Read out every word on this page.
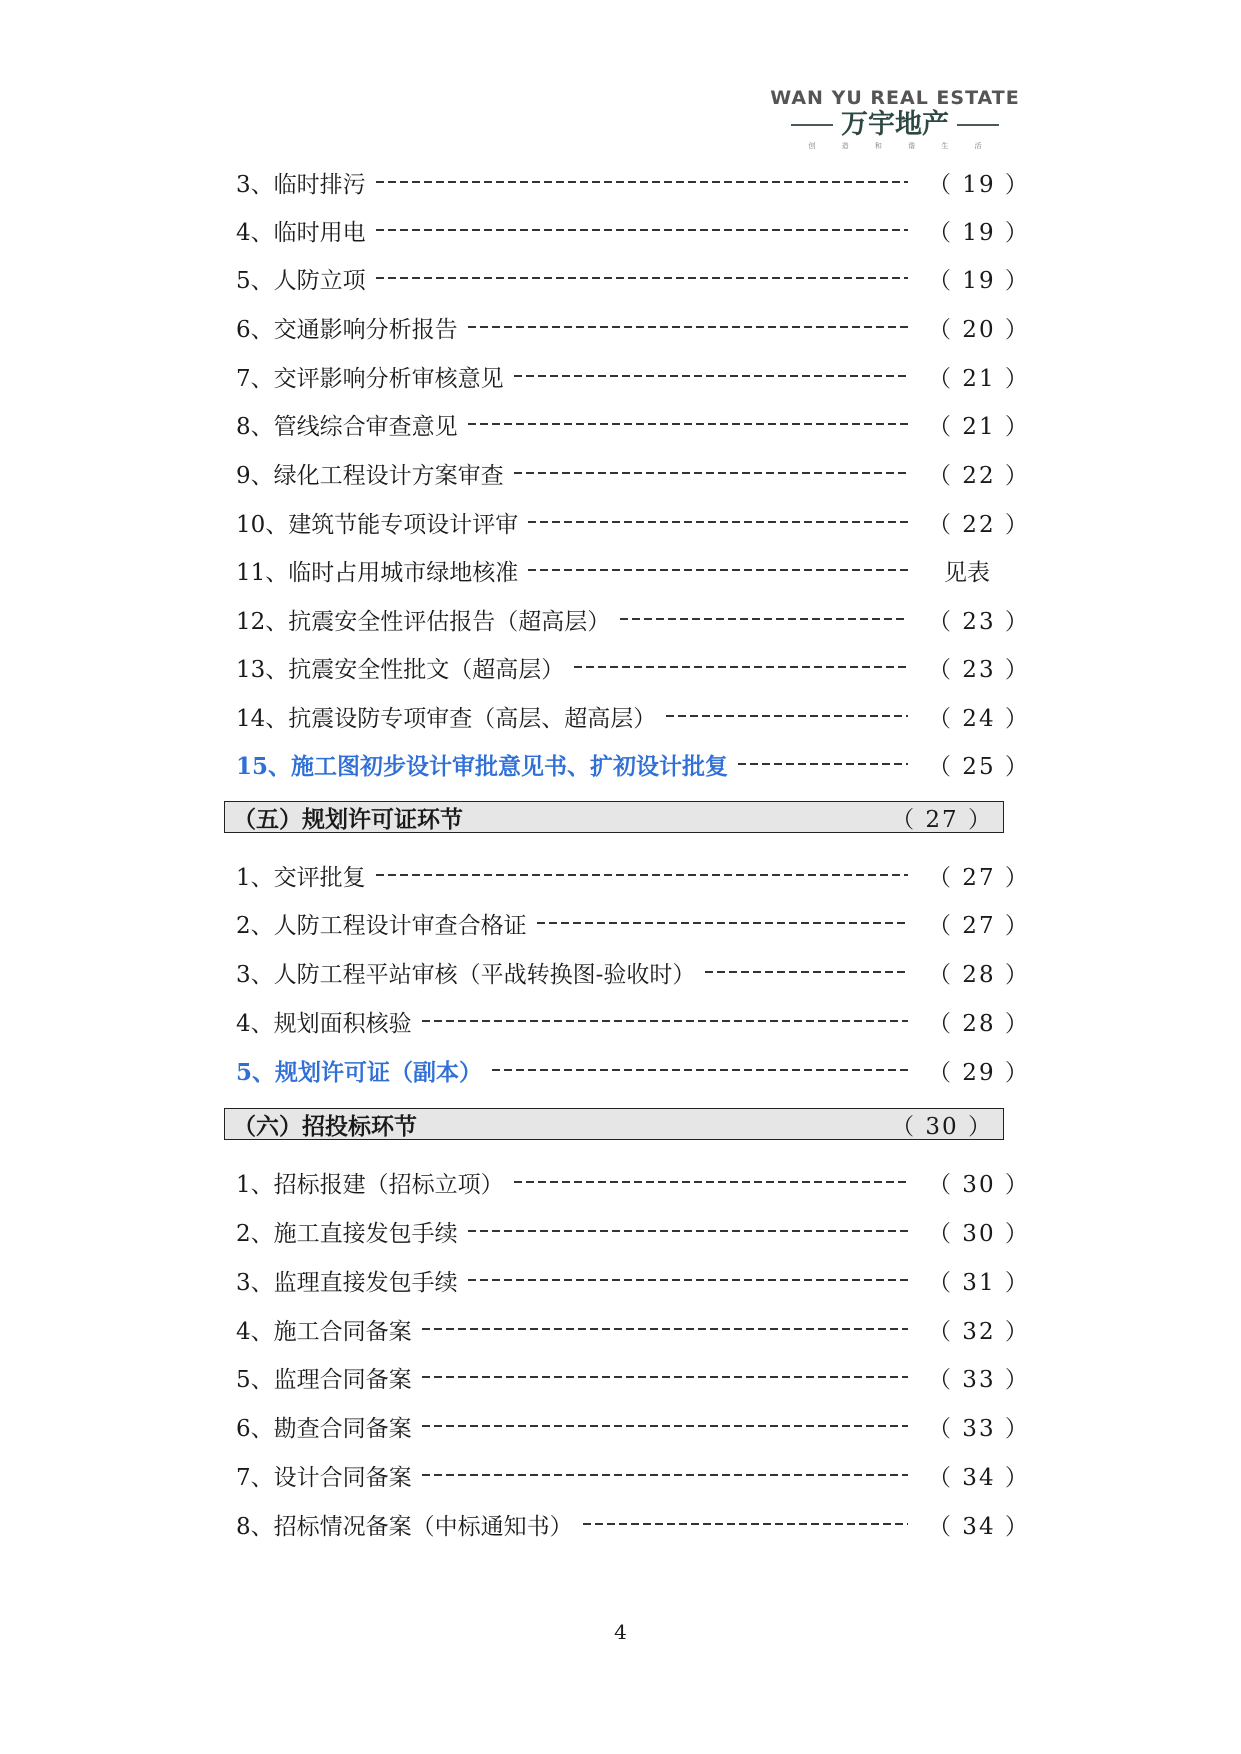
WAN YU REAL ESTATE
万宇地产
创 造 和 谐 生 活
3、临时排污	（ 19 ）
4、临时用电	（ 19 ）
5、人防立项	（ 19 ）
6、交通影响分析报告	（ 20 ）
7、交评影响分析审核意见	（ 21 ）
8、管线综合审查意见	（ 21 ）
9、绿化工程设计方案审查	（ 22 ）
10、建筑节能专项设计评审	（ 22 ）
11、临时占用城市绿地核准	见表
12、抗震安全性评估报告（超高层）	（ 23 ）
13、抗震安全性批文（超高层）	（ 23 ）
14、抗震设防专项审查（高层、超高层）	（ 24 ）
15、施工图初步设计审批意见书、扩初设计批复	（ 25 ）
（五）规划许可证环节	（ 27 ）
1、交评批复	（ 27 ）
2、人防工程设计审查合格证	（ 27 ）
3、人防工程平站审核（平战转换图-验收时）	（ 28 ）
4、规划面积核验	（ 28 ）
5、规划许可证（副本）	（ 29 ）
（六）招投标环节	（ 30 ）
1、招标报建（招标立项）	（ 30 ）
2、施工直接发包手续	（ 30 ）
3、监理直接发包手续	（ 31 ）
4、施工合同备案	（ 32 ）
5、监理合同备案	（ 33 ）
6、勘查合同备案	（ 33 ）
7、设计合同备案	（ 34 ）
8、招标情况备案（中标通知书）	（ 34 ）
4
